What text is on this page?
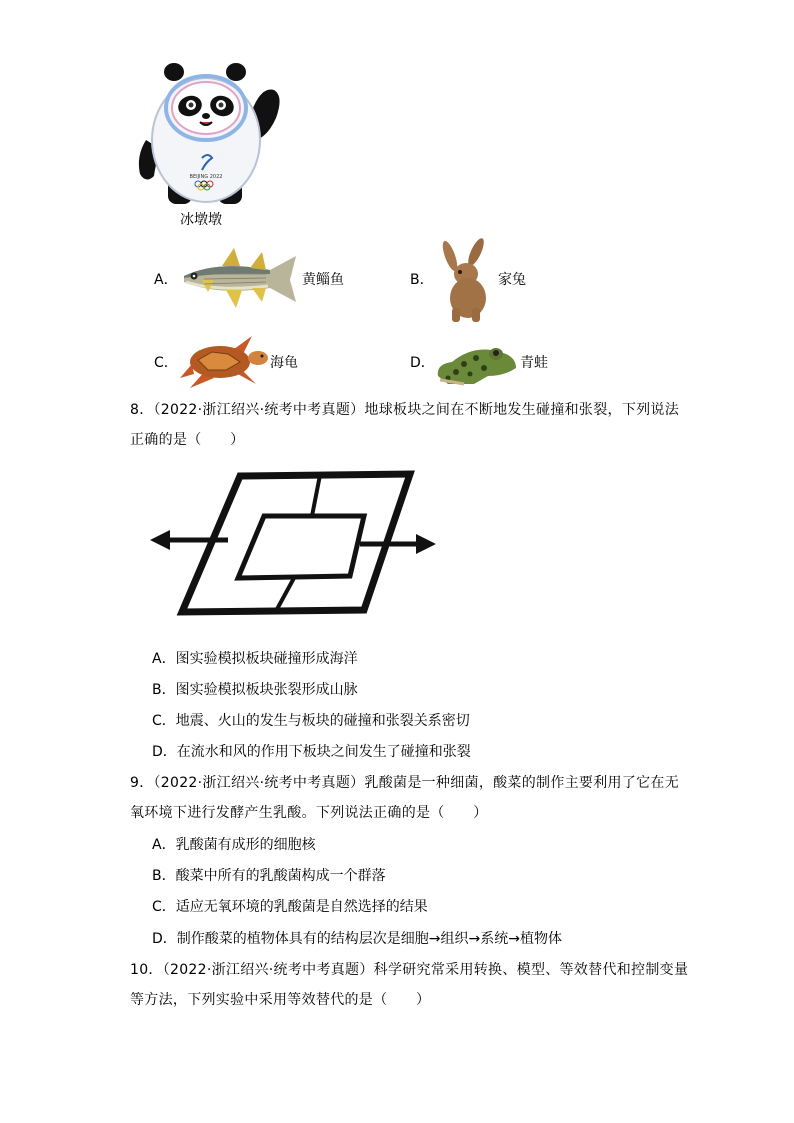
BEIJING 2022
冰墩墩
A．	黄鲻鱼	B．	家兔
C．	海龟	D．	青蛙
8．（2022·浙江绍兴·统考中考真题）地球板块之间在不断地发生碰撞和张裂，下列说法
正确的是（　　）
A．图实验模拟板块碰撞形成海洋
B．图实验模拟板块张裂形成山脉
C．地震、火山的发生与板块的碰撞和张裂关系密切
D．在流水和风的作用下板块之间发生了碰撞和张裂
9．（2022·浙江绍兴·统考中考真题）乳酸菌是一种细菌，酸菜的制作主要利用了它在无
氧环境下进行发酵产生乳酸。下列说法正确的是（　　）
A．乳酸菌有成形的细胞核
B．酸菜中所有的乳酸菌构成一个群落
C．适应无氧环境的乳酸菌是自然选择的结果
D．制作酸菜的植物体具有的结构层次是细胞→组织→系统→植物体
10．（2022·浙江绍兴·统考中考真题）科学研究常采用转换、模型、等效替代和控制变量
等方法，下列实验中采用等效替代的是（　　）
